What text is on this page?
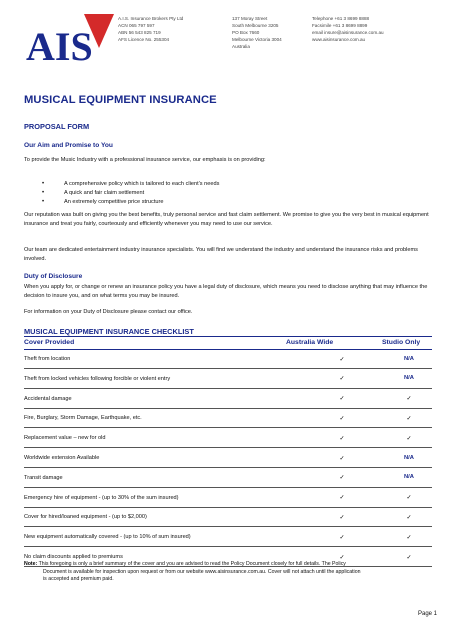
AIS
A.I.S. Insurance Brokers Pty Ltd
ACN 065 797 597
ABN 56 543 825 719
AFS Licence No. 255304
137 Moray Street
South Melbourne 3205
PO Box 7660
Melbourne Victoria 3004
Australia
Telephone +61 3 8699 8888
Facsimile +61 3 8699 8899
email insure@aisinsurance.com.au
www.aisinsurance.com.au
MUSICAL EQUIPMENT INSURANCE
PROPOSAL FORM
Our Aim and Promise to You
To provide the Music Industry with a professional insurance service, our emphasis is on providing:
• A comprehensive policy which is tailored to each client’s needs
• A quick and fair claim settlement
• An extremely competitive price structure
Our reputation was built on giving you the best benefits, truly personal service and fast claim settlement. We promise to give you the very best in musical equipment insurance and treat you fairly, courteously and efficiently whenever you may need to use our service.
Our team are dedicated entertainment industry insurance specialists. You will find we understand the industry and understand the insurance risks and problems involved.
Duty of Disclosure
When you apply for, or change or renew an insurance policy you have a legal duty of disclosure, which means you need to disclose anything that may influence the decision to insure you, and on what terms you may be insured.
For information on your Duty of Disclosure please contact our office.
MUSICAL EQUIPMENT INSURANCE CHECKLIST
Cover Provided	Australia Wide	Studio Only
Theft from location	✓	N/A
Theft from locked vehicles following forcible or violent entry	✓	N/A
Accidental damage	✓	✓
Fire, Burglary, Storm Damage, Earthquake, etc.	✓	✓
Replacement value – new for old	✓	✓
Worldwide extension Available	✓	N/A
Transit damage	✓	N/A
Emergency hire of equipment - (up to 30% of the sum insured)	✓	✓
Cover for hired/loaned equipment - (up to $2,000)	✓	✓
New equipment automatically covered - (up to 10% of sum insured)	✓	✓
No claim discounts applied to premiums	✓	✓
Note: This foregoing is only a brief summary of the cover and you are advised to read the Policy Document closely for full details. The Policy
Document is available for inspection upon request or from our website www.aisinsurance.com.au. Cover will not attach until the application
is accepted and premium paid.
Page 1
